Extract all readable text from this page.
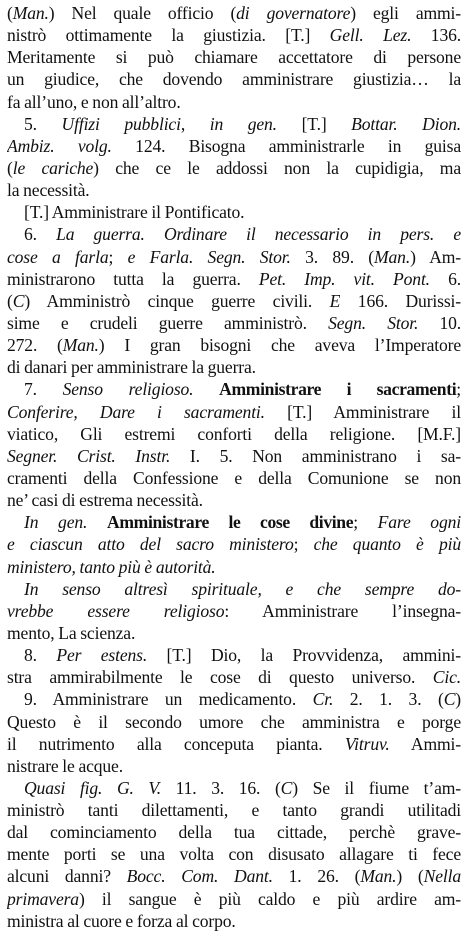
(Man.) Nel quale officio (di governatore) egli ammi-
nistrò ottimamente la giustizia. [T.] Gell. Lez. 136.
Meritamente si può chiamare accettatore di persone
un giudice, che dovendo amministrare giustizia… la
fa all’uno, e non all’altro.
5. Uffizi pubblici, in gen. [T.] Bottar. Dion.
Ambiz. volg. 124. Bisogna amministrarle in guisa
(le cariche) che ce le addossi non la cupidigia, ma
la necessità.
[T.] Amministrare il Pontificato.
6. La guerra. Ordinare il necessario in pers. e
cose a farla; e Farla. Segn. Stor. 3. 89. (Man.) Am-
ministrarono tutta la guerra. Pet. Imp. vit. Pont. 6.
(C) Amministrò cinque guerre civili. E 166. Durissi-
sime e crudeli guerre amministrò. Segn. Stor. 10.
272. (Man.) I gran bisogni che aveva l’Imperatore
di danari per amministrare la guerra.
7. Senso religioso. Amministrare i sacramenti;
Conferire, Dare i sacramenti. [T.] Amministrare il
viatico, Gli estremi conforti della religione. [M.F.]
Segner. Crist. Instr. I. 5. Non amministrano i sa-
cramenti della Confessione e della Comunione se non
ne’ casi di estrema necessità.
In gen. Amministrare le cose divine; Fare ogni
e ciascun atto del sacro ministero; che quanto è più
ministero, tanto più è autorità.
In senso altresì spirituale, e che sempre do-
vrebbe essere religioso: Amministrare l’insegna-
mento, La scienza.
8. Per estens. [T.] Dio, la Provvidenza, ammini-
stra ammirabilmente le cose di questo universo. Cic.
9. Amministrare un medicamento. Cr. 2. 1. 3. (C)
Questo è il secondo umore che amministra e porge
il nutrimento alla conceputa pianta. Vitruv. Ammi-
nistrare le acque.
Quasi fig. G. V. 11. 3. 16. (C) Se il fiume t’am-
ministrò tanti dilettamenti, e tanto grandi utilitadi
dal cominciamento della tua cittade, perchè grave-
mente porti se una volta con disusato allagare ti fece
alcuni danni? Bocc. Com. Dant. 1. 26. (Man.) (Nella
primavera) il sangue è più caldo e più ardire am-
ministra al cuore e forza al corpo.
